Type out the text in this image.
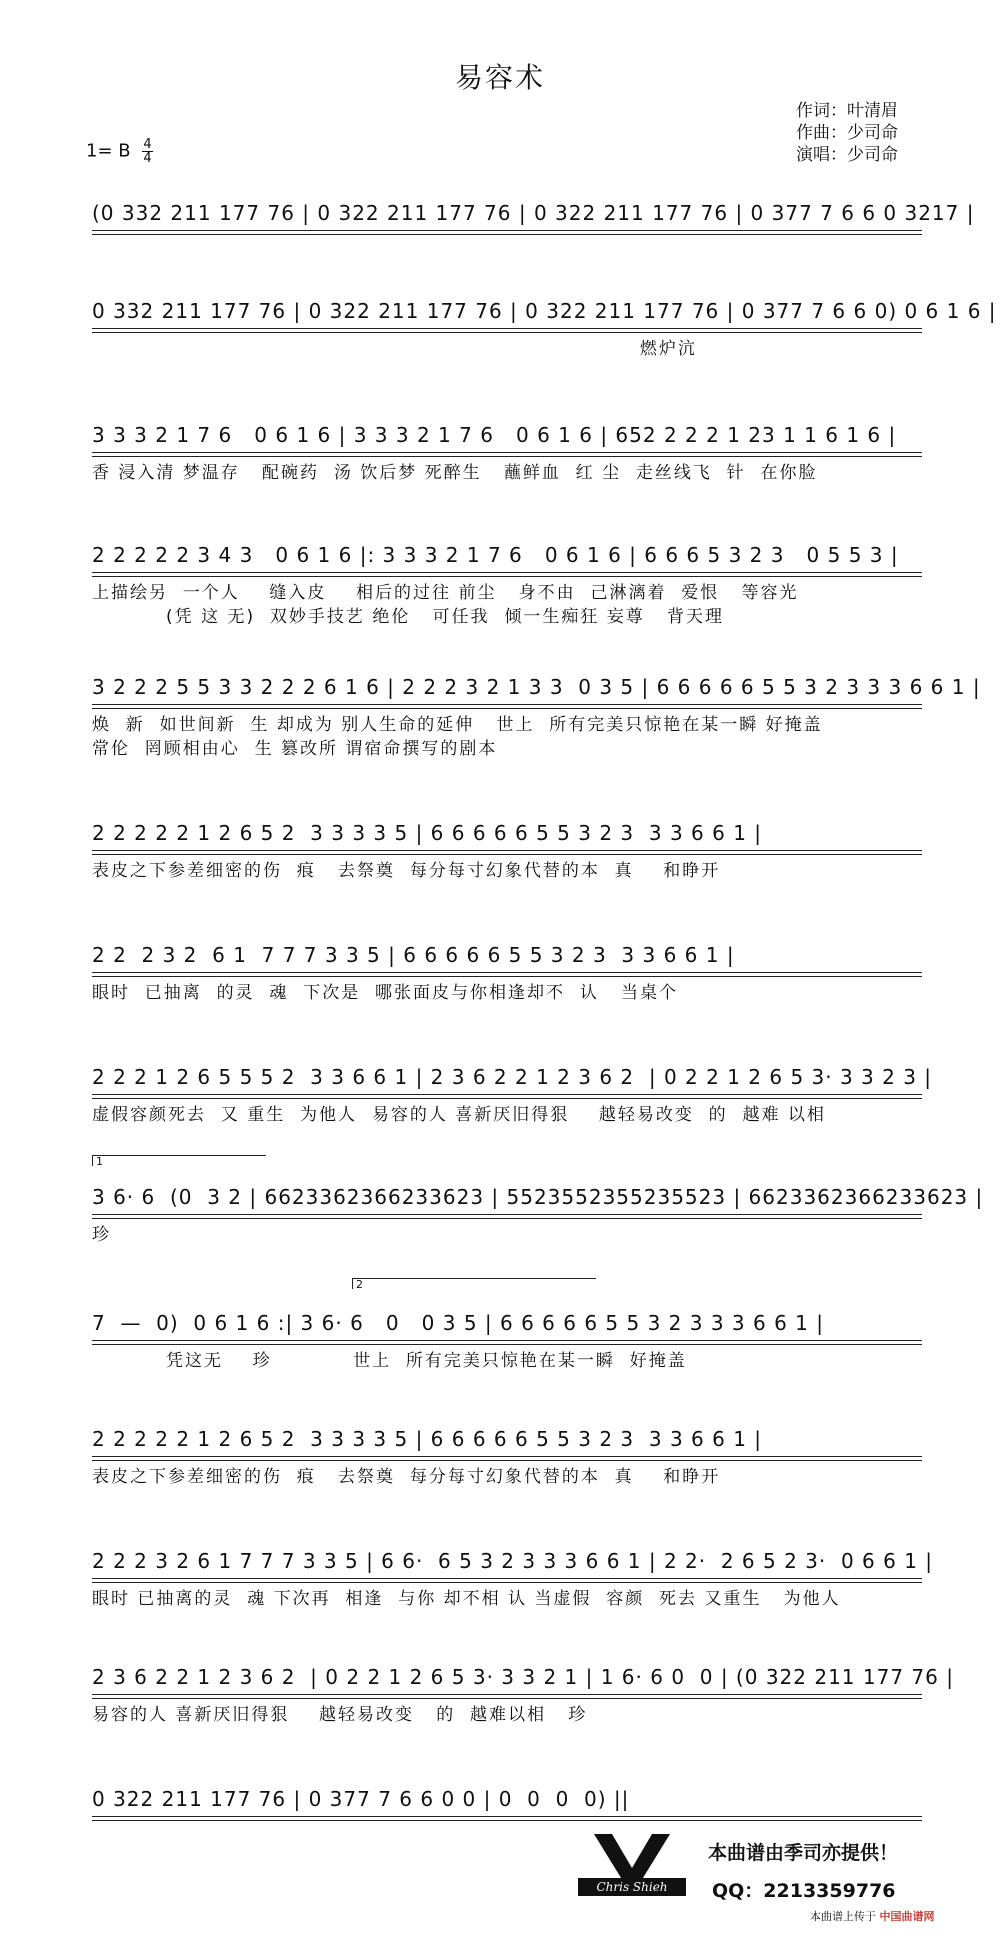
易容术
作词：叶清眉
作曲：少司命
演唱：少司命
1= B $\frac{4}{4}$
(0 332 211 177 76 | 0 322 211 177 76 | 0 322 211 177 76 | 0 377 7 6 6 0 3217 |
0 332 211 177 76 | 0 322 211 177 76 | 0 322 211 177 76 | 0 377 7 6 6 0) 0 6 1 6 |
燃炉沆
3 3 3 2 1 7 6   0 6 1 6 | 3 3 3 2 1 7 6   0 6 1 6 | 652 2 2 2 1 23 1 1 6 1 6 |
香 浸入清 梦温存   配碗药  汤 饮后梦 死醉生   蘸鲜血  红 尘  走丝线飞  针  在你脸
2 2 2 2 2 3 4 3   0 6 1 6 |: 3 3 3 2 1 7 6   0 6 1 6 | 6 6 6 5 3 2 3   0 5 5 3 |
上描绘另  一个人    缝入皮    相后的过往 前尘   身不由  己淋漓着  爱恨   等容光
(凭 这 无)  双妙手技艺 绝伦   可任我  倾一生痴狂 妄尊   背天理
3 2 2 2 5 5 3 3 2 2 2 6 1 6 | 2 2 2 3 2 1 3 3  0 3 5 | 6 6 6 6 6 5 5 3 2 3 3 3 6 6 1 |
焕  新  如世间新  生 却成为 别人生命的延伸   世上  所有完美只惊艳在某一瞬 好掩盖
常伦  罔顾相由心  生 篡改所 谓宿命撰写的剧本
2 2 2 2 2 1 2 6 5 2  3 3 3 3 5 | 6 6 6 6 6 5 5 3 2 3  3 3 6 6 1 |
表皮之下参差细密的伤  痕   去祭奠  每分每寸幻象代替的本  真    和睁开
2 2  2 3 2  6 1  7 7 7 3 3 5 | 6 6 6 6 6 5 5 3 2 3  3 3 6 6 1 |
眼时  已抽离  的灵  魂  下次是  哪张面皮与你相逢却不  认   当桌个
2 2 2 1 2 6 5 5 5 2  3 3 6 6 1 | 2 3 6 2 2 1 2 3 6 2  | 0 2 2 1 2 6 5 3· 3 3 2 3 |
虚假容颜死去  又 重生  为他人  易容的人 喜新厌旧得狠    越轻易改变  的  越难 以相
3 6· 6  (0  3 2 | 6623362366233623 | 5523552355235523 | 6623362366233623 |
珍
7  —  0)  0 6 1 6 :| 3 6· 6   0   0 3 5 | 6 6 6 6 6 5 5 3 2 3 3 3 6 6 1 |
凭这无    珍           世上  所有完美只惊艳在某一瞬  好掩盖
2 2 2 2 2 1 2 6 5 2  3 3 3 3 5 | 6 6 6 6 6 5 5 3 2 3  3 3 6 6 1 |
表皮之下参差细密的伤  痕   去祭奠  每分每寸幻象代替的本  真    和睁开
2 2 2 3 2 6 1 7 7 7 3 3 5 | 6 6·  6 5 3 2 3 3 3 6 6 1 | 2 2·  2 6 5 2 3·  0 6 6 1 |
眼时 已抽离的灵  魂 下次再  相逢  与你 却不相 认 当虚假  容颜  死去 又重生   为他人
2 3 6 2 2 1 2 3 6 2  | 0 2 2 1 2 6 5 3· 3 3 2 1 | 1 6· 6 0  0 | (0 322 211 177 76 |
易容的人 喜新厌旧得狠    越轻易改变   的  越难以相   珍
0 322 211 177 76 | 0 377 7 6 6 0 0 | 0  0  0  0) ||
1
2
Chris Shieh
本曲谱由季司亦提供！
QQ：2213359776
本曲谱上传于 中国曲谱网
